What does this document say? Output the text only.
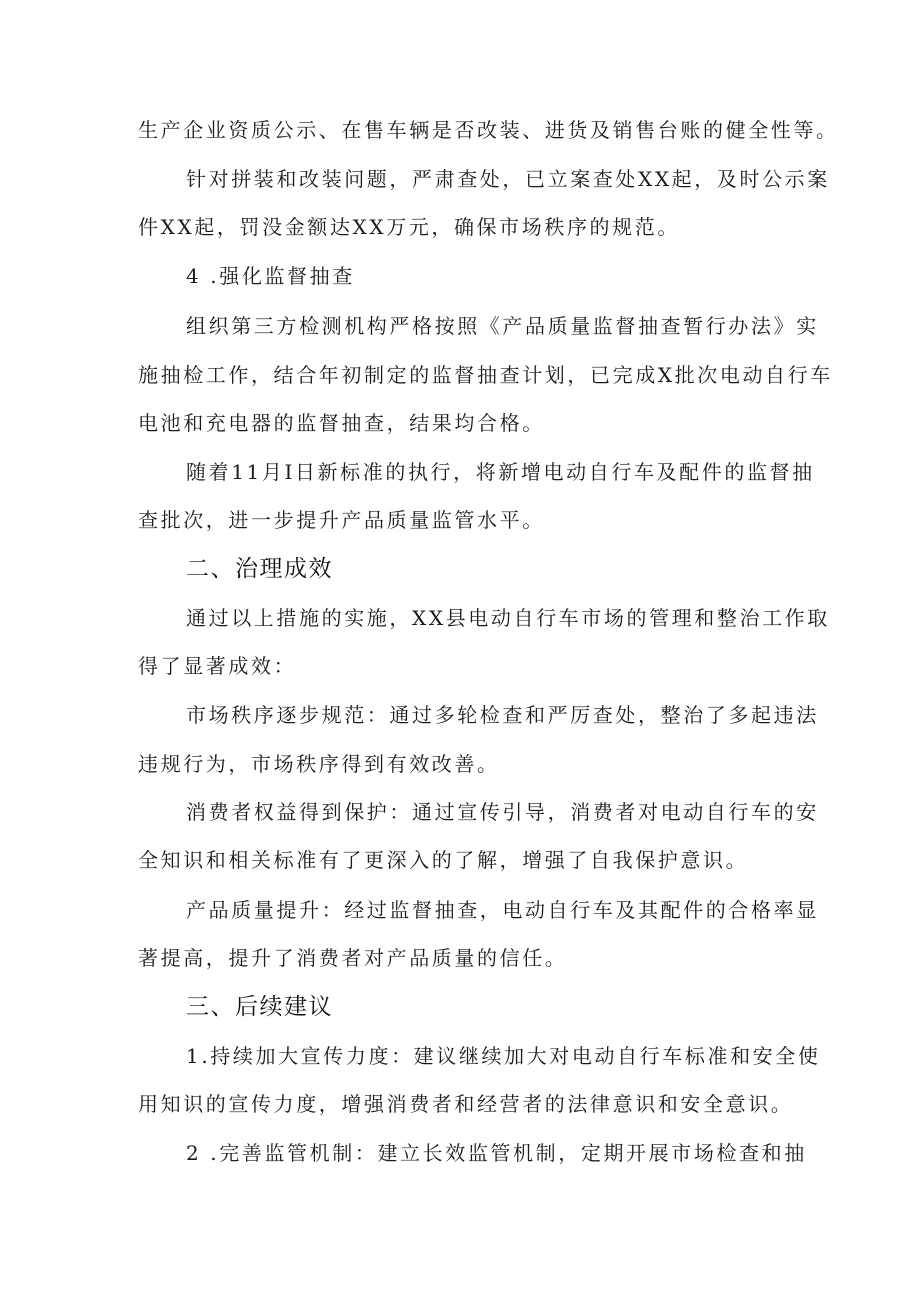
生产企业资质公示、在售车辆是否改装、进货及销售台账的健全性等。
针对拼装和改装问题，严肃查处，已立案查处XX起，及时公示案
件XX起，罚没金额达XX万元，确保市场秩序的规范。
4 .强化监督抽查
组织第三方检测机构严格按照《产品质量监督抽查暂行办法》实
施抽检工作，结合年初制定的监督抽查计划，已完成X批次电动自行车
电池和充电器的监督抽查，结果均合格。
随着11月I日新标准的执行，将新增电动自行车及配件的监督抽
查批次，进一步提升产品质量监管水平。
二、治理成效
通过以上措施的实施，XX县电动自行车市场的管理和整治工作取
得了显著成效：
市场秩序逐步规范：通过多轮检查和严厉查处，整治了多起违法
违规行为，市场秩序得到有效改善。
消费者权益得到保护：通过宣传引导，消费者对电动自行车的安
全知识和相关标准有了更深入的了解，增强了自我保护意识。
产品质量提升：经过监督抽查，电动自行车及其配件的合格率显
著提高，提升了消费者对产品质量的信任。
三、后续建议
1.持续加大宣传力度：建议继续加大对电动自行车标准和安全使
用知识的宣传力度，增强消费者和经营者的法律意识和安全意识。
2 .完善监管机制：建立长效监管机制，定期开展市场检查和抽
